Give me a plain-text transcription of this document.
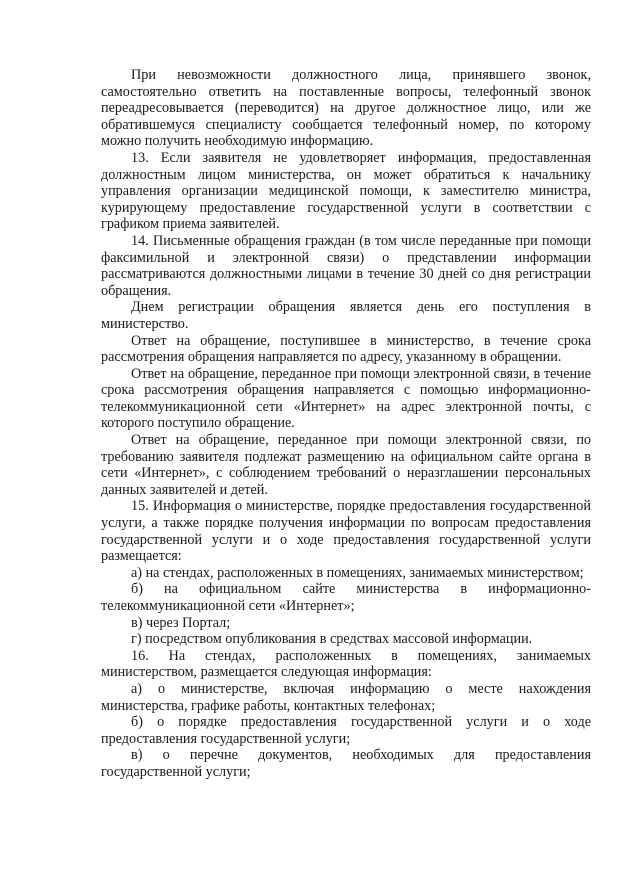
При невозможности должностного лица, принявшего звонок, самостоятельно ответить на поставленные вопросы, телефонный звонок переадресовывается (переводится) на другое должностное лицо, или же обратившемуся специалисту сообщается телефонный номер, по которому можно получить необходимую информацию.

13. Если заявителя не удовлетворяет информация, предоставленная должностным лицом министерства, он может обратиться к начальнику управления организации медицинской помощи, к заместителю министра, курирующему предоставление государственной услуги в соответствии с графиком приема заявителей.

14. Письменные обращения граждан (в том числе переданные при помощи факсимильной и электронной связи) о представлении информации рассматриваются должностными лицами в течение 30 дней со дня регистрации обращения.

Днем регистрации обращения является день его поступления в министерство.

Ответ на обращение, поступившее в министерство, в течение срока рассмотрения обращения направляется по адресу, указанному в обращении.

Ответ на обращение, переданное при помощи электронной связи, в течение срока рассмотрения обращения направляется с помощью информационно-телекоммуникационной сети «Интернет» на адрес электронной почты, с которого поступило обращение.

Ответ на обращение, переданное при помощи электронной связи, по требованию заявителя подлежат размещению на официальном сайте органа в сети «Интернет», с соблюдением требований о неразглашении персональных данных заявителей и детей.

15. Информация о министерстве, порядке предоставления государственной услуги, а также порядке получения информации по вопросам предоставления государственной услуги и о ходе предоставления государственной услуги размещается:

а) на стендах, расположенных в помещениях, занимаемых министерством;

б) на официальном сайте министерства в информационно-телекоммуникационной сети «Интернет»;

в) через Портал;

г) посредством опубликования в средствах массовой информации.

16. На стендах, расположенных в помещениях, занимаемых министерством, размещается следующая информация:

а) о министерстве, включая информацию о месте нахождения министерства, графике работы, контактных телефонах;

б) о порядке предоставления государственной услуги и о ходе предоставления государственной услуги;

в) о перечне документов, необходимых для предоставления государственной услуги;
